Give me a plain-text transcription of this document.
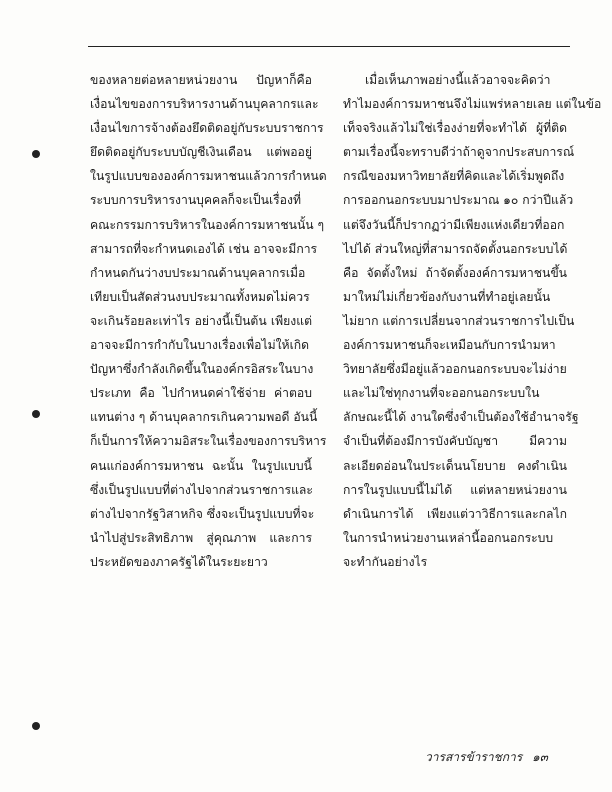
ของหลายต่อหลายหน่วยงาน ปัญหาก็คือ
เงื่อนไขของการบริหารงานด้านบุคลากรและ
เงื่อนไขการจ้างต้องยึดติดอยู่กับระบบราชการ
ยึดติดอยู่กับระบบบัญชีเงินเดือน แต่พออยู่
ในรูปแบบขององค์การมหาชนแล้วการกำหนด
ระบบการบริหารงานบุคคลก็จะเป็นเรื่องที่
คณะกรรมการบริหารในองค์การมหาชนนั้น ๆ
สามารถที่จะกำหนดเองได้ เช่น อาจจะมีการ
กำหนดกันว่างบประมาณด้านบุคลากรเมื่อ
เทียบเป็นสัดส่วนงบประมาณทั้งหมดไม่ควร
จะเกินร้อยละเท่าไร อย่างนี้เป็นต้น เพียงแต่
อาจจะมีการกำกับในบางเรื่องเพื่อไม่ให้เกิด
ปัญหาซึ่งกำลังเกิดขึ้นในองค์กรอิสระในบาง
ประเภท คือ ไปกำหนดค่าใช้จ่าย ค่าตอบ
แทนต่าง ๆ ด้านบุคลากรเกินความพอดี อันนี้
ก็เป็นการให้ความอิสระในเรื่องของการบริหาร
คนแก่องค์การมหาชน ฉะนั้น ในรูปแบบนี้
ซึ่งเป็นรูปแบบที่ต่างไปจากส่วนราชการและ
ต่างไปจากรัฐวิสาหกิจ ซึ่งจะเป็นรูปแบบที่จะ
นำไปสู่ประสิทธิภาพ สู่คุณภาพ และการ
ประหยัดของภาครัฐได้ในระยะยาว
เมื่อเห็นภาพอย่างนี้แล้วอาจจะคิดว่า
ทำไมองค์การมหาชนจึงไม่แพร่หลายเลย แต่ในข้อ
เท็จจริงแล้วไม่ใช่เรื่องง่ายที่จะทำได้ ผู้ที่ติด
ตามเรื่องนี้จะทราบดีว่าถ้าดูจากประสบการณ์
กรณีของมหาวิทยาลัยที่คิดและได้เริ่มพูดถึง
การออกนอกระบบมาประมาณ ๑๐ กว่าปีแล้ว
แต่จึงวันนี้ก็ปรากฏว่ามีเพียงแห่งเดียวที่ออก
ไปได้ ส่วนใหญ่ที่สามารถจัดตั้งนอกระบบได้
คือ จัดตั้งใหม่ ถ้าจัดตั้งองค์การมหาชนขึ้น
มาใหม่ไม่เกี่ยวข้องกับงานที่ทำอยู่เลยนั้น
ไม่ยาก แต่การเปลี่ยนจากส่วนราชการไปเป็น
องค์การมหาชนก็จะเหมือนกับการนำมหา
วิทยาลัยซึ่งมีอยู่แล้วออกนอกระบบจะไม่ง่าย
และไม่ใช่ทุกงานที่จะออกนอกระบบใน
ลักษณะนี้ได้ งานใดซึ่งจำเป็นต้องใช้อำนาจรัฐ
จำเป็นที่ต้องมีการบังคับบัญชา มีความ
ละเอียดอ่อนในประเด็นนโยบาย คงดำเนิน
การในรูปแบบนี้ไม่ได้ แต่หลายหน่วยงาน
ดำเนินการได้ เพียงแต่วาวิธีการและกลไก
ในการนำหน่วยงานเหล่านี้ออกนอกระบบ
จะทำกันอย่างไร
วารสารข้าราชการ ๑๓
